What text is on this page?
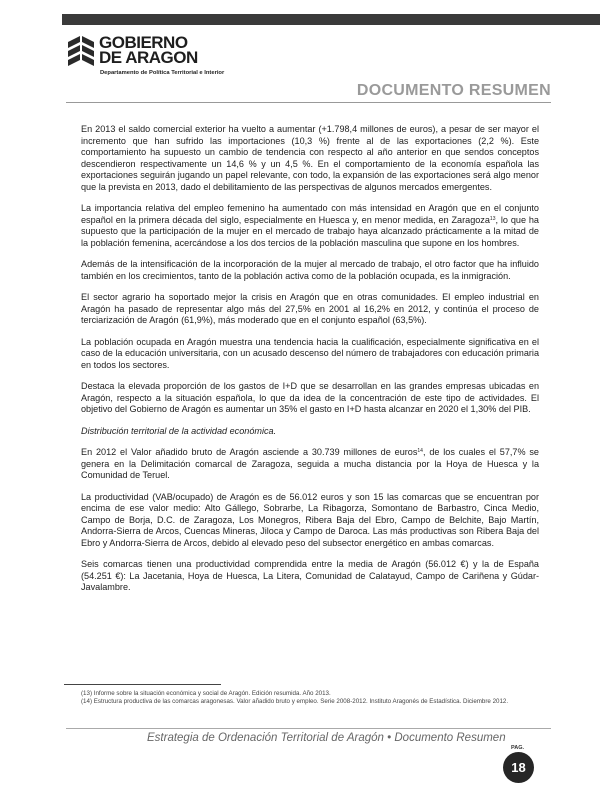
GOBIERNO
DE ARAGON
Departamento de Política Territorial e Interior
DOCUMENTO RESUMEN

En 2013 el saldo comercial exterior ha vuelto a aumentar (+1.798,4 millones de euros), a pesar de ser mayor el incremento que han sufrido las importaciones (10,3 %) frente al de las exportaciones (2,2 %). Este comportamiento ha supuesto un cambio de tendencia con respecto al año anterior en que sendos conceptos descendieron respectivamente un 14,6 % y un 4,5 %. En el comportamiento de la economía española las exportaciones seguirán jugando un papel relevante, con todo, la expansión de las exportaciones será algo menor que la prevista en 2013, dado el debilitamiento de las perspectivas de algunos mercados emergentes.

La importancia relativa del empleo femenino ha aumentado con más intensidad en Aragón que en el conjunto español en la primera década del siglo, especialmente en Huesca y, en menor medida, en Zaragoza$^{13}$, lo que ha supuesto que la participación de la mujer en el mercado de trabajo haya alcanzado prácticamente a la mitad de la población femenina, acercándose a los dos tercios de la población masculina que supone en los hombres.

Además de la intensificación de la incorporación de la mujer al mercado de trabajo, el otro factor que ha influido también en los crecimientos, tanto de la población activa como de la población ocupada, es la inmigración.

El sector agrario ha soportado mejor la crisis en Aragón que en otras comunidades. El empleo industrial en Aragón ha pasado de representar algo más del 27,5% en 2001 al 16,2% en 2012, y continúa el proceso de terciarización de Aragón (61,9%), más moderado que en el conjunto español (63,5%).

La población ocupada en Aragón muestra una tendencia hacia la cualificación, especialmente significativa en el caso de la educación universitaria, con un acusado descenso del número de trabajadores con educación primaria en todos los sectores.

Destaca la elevada proporción de los gastos de I+D que se desarrollan en las grandes empresas ubicadas en Aragón, respecto a la situación española, lo que da idea de la concentración de este tipo de actividades. El objetivo del Gobierno de Aragón es aumentar un 35% el gasto en I+D hasta alcanzar en 2020 el 1,30% del PIB.

Distribución territorial de la actividad económica.

En 2012 el Valor añadido bruto de Aragón asciende a 30.739 millones de euros$^{14}$, de los cuales el 57,7% se genera en la Delimitación comarcal de Zaragoza, seguida a mucha distancia por la Hoya de Huesca y la Comunidad de Teruel.

La productividad (VAB/ocupado) de Aragón es de 56.012 euros y son 15 las comarcas que se encuentran por encima de ese valor medio: Alto Gállego, Sobrarbe, La Ribagorza, Somontano de Barbastro, Cinca Medio, Campo de Borja, D.C. de Zaragoza, Los Monegros, Ribera Baja del Ebro, Campo de Belchite, Bajo Martín, Andorra-Sierra de Arcos, Cuencas Mineras, Jiloca y Campo de Daroca. Las más productivas son Ribera Baja del Ebro y Andorra-Sierra de Arcos, debido al elevado peso del subsector energético en ambas comarcas.

Seis comarcas tienen una productividad comprendida entre la media de Aragón (56.012 €) y la de España (54.251 €): La Jacetania, Hoya de Huesca, La Litera, Comunidad de Calatayud, Campo de Cariñena y Gúdar-Javalambre.

(13) Informe sobre la situación económica y social de Aragón. Edición resumida. Año 2013.

(14) Estructura productiva de las comarcas aragonesas. Valor añadido bruto y empleo. Serie 2008-2012. Instituto Aragonés de Estadística. Diciembre 2012.

Estrategia de Ordenación Territorial de Aragón • Documento Resumen
PAG.
18
